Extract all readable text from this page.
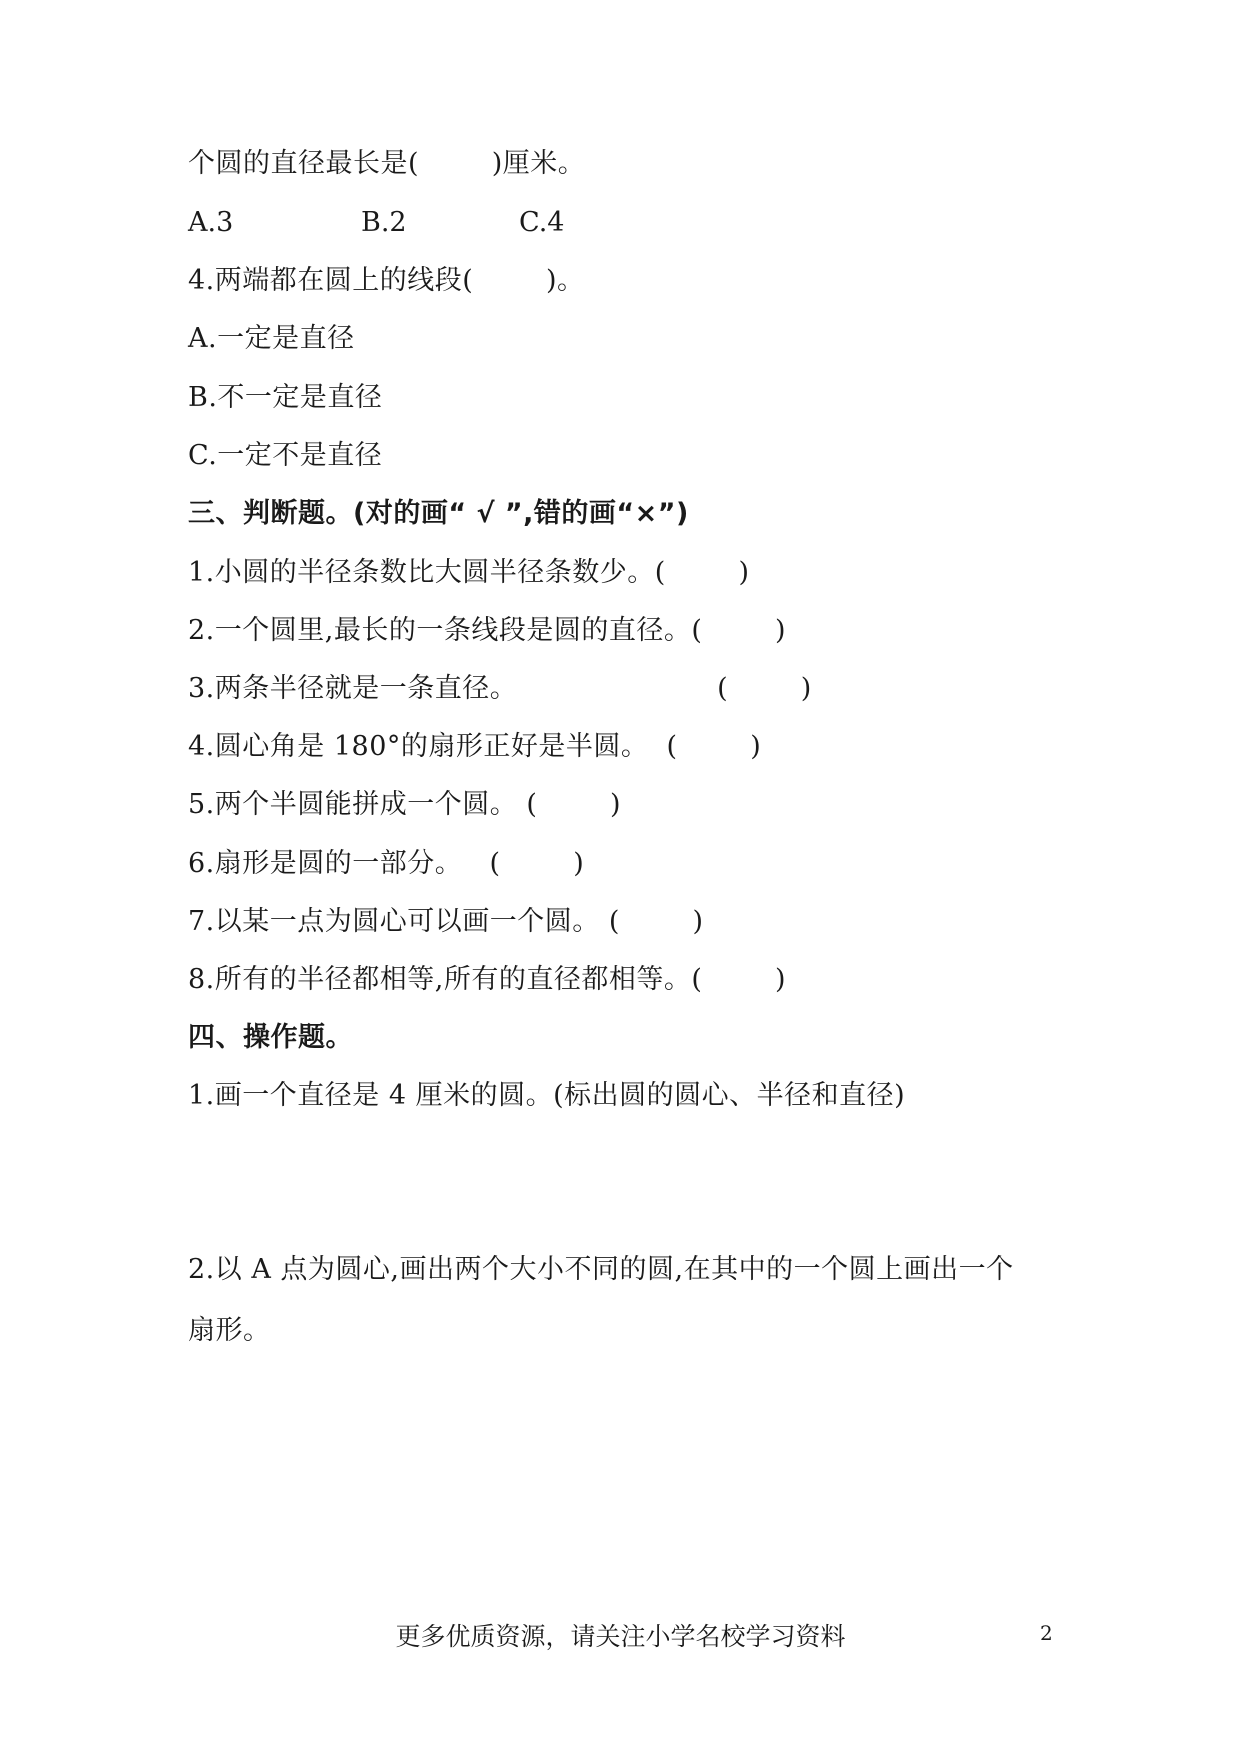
个圆的直径最长是(        )厘米。

A.3

	B.2

	C.4

4.两端都在圆上的线段(        )。
A.一定是直径
B.不一定是直径
C.一定不是直径
三、判断题。(对的画“ √ ”,错的画“×”)
1.小圆的半径条数比大圆半径条数少。(        )
2.一个圆里,最长的一条线段是圆的直径。(        )
3.两条半径就是一条直径。                      (        )
4.圆心角是 180°的扇形正好是半圆。  (        )
5.两个半圆能拼成一个圆。 (        )
6.扇形是圆的一部分。   (        )
7.以某一点为圆心可以画一个圆。 (        )
8.所有的半径都相等,所有的直径都相等。(        )
四、操作题。
1.画一个直径是 4 厘米的圆。(标出圆的圆心、半径和直径)
2.以 A 点为圆心,画出两个大小不同的圆,在其中的一个圆上画出一个
扇形。
更多优质资源，请关注小学名校学习资料	2
